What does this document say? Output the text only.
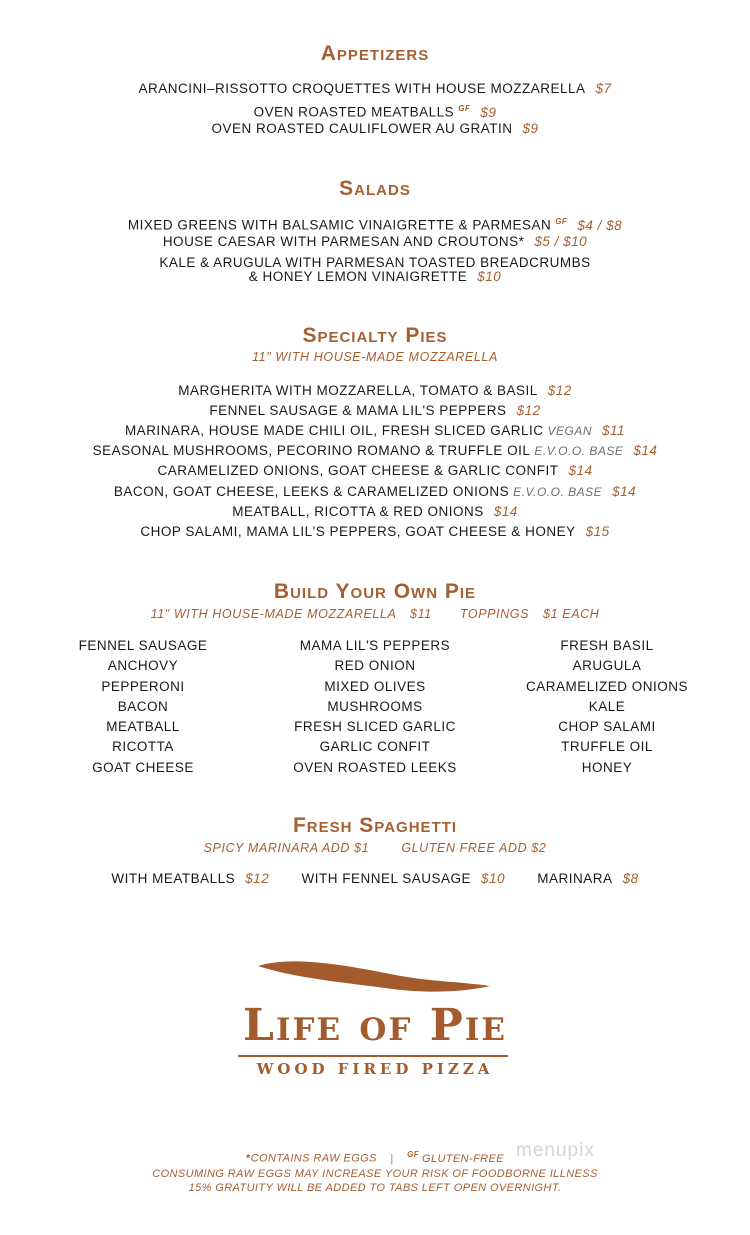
Appetizers
ARANCINI–RISSOTTO CROQUETTES WITH HOUSE MOZZARELLA $7
OVEN ROASTED MEATBALLS $^{GF}$ $9
OVEN ROASTED CAULIFLOWER AU GRATIN $9
Salads
MIXED GREENS WITH BALSAMIC VINAIGRETTE & PARMESAN $^{GF}$ $4 / $8
HOUSE CAESAR WITH PARMESAN AND CROUTONS* $5 / $10
KALE & ARUGULA WITH PARMESAN TOASTED BREADCRUMBS
& HONEY LEMON VINAIGRETTE $10
Specialty Pies
11" WITH HOUSE-MADE MOZZARELLA
MARGHERITA WITH MOZZARELLA, TOMATO & BASIL $12
FENNEL SAUSAGE & MAMA LIL'S PEPPERS $12
MARINARA, HOUSE MADE CHILI OIL, FRESH SLICED GARLIC VEGAN $11
SEASONAL MUSHROOMS, PECORINO ROMANO & TRUFFLE OIL E.V.O.O. BASE $14
CARAMELIZED ONIONS, GOAT CHEESE & GARLIC CONFIT $14
BACON, GOAT CHEESE, LEEKS & CARAMELIZED ONIONS E.V.O.O. BASE $14
MEATBALL, RICOTTA & RED ONIONS $14
CHOP SALAMI, MAMA LIL'S PEPPERS, GOAT CHEESE & HONEY $15
Build Your Own Pie
11" WITH HOUSE-MADE MOZZARELLA $11 TOPPINGS $1 EACH
FENNEL SAUSAGE
ANCHOVY
PEPPERONI
BACON
MEATBALL
RICOTTA
GOAT CHEESE
MAMA LIL'S PEPPERS
RED ONION
MIXED OLIVES
MUSHROOMS
FRESH SLICED GARLIC
GARLIC CONFIT
OVEN ROASTED LEEKS
FRESH BASIL
ARUGULA
CARAMELIZED ONIONS
KALE
CHOP SALAMI
TRUFFLE OIL
HONEY
Fresh Spaghetti
SPICY MARINARA ADD $1	GLUTEN FREE ADD $2
WITH MEATBALLS $12 WITH FENNEL SAUSAGE $10 MARINARA $8
Life of Pie
WOOD FIRED PIZZA
*CONTAINS RAW EGGS | $^{GF}$ GLUTEN-FREE
CONSUMING RAW EGGS MAY INCREASE YOUR RISK OF FOODBORNE ILLNESS
15% GRATUITY WILL BE ADDED TO TABS LEFT OPEN OVERNIGHT.
menupix
